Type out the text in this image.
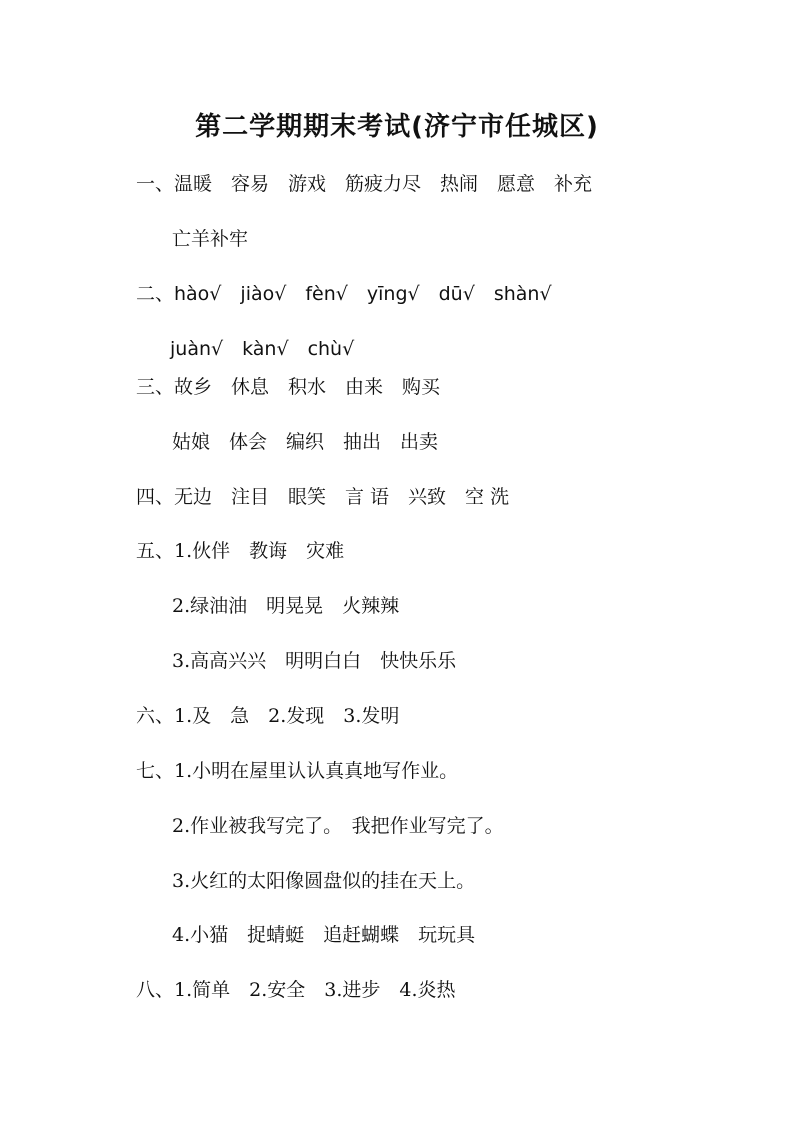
第二学期期末考试(济宁市任城区)
一、温暖　容易　游戏　筋疲力尽　热闹　愿意　补充
亡羊补牢
二、hào√　jiào√　fèn√　yīng√　dū√　shàn√
juàn√　kàn√　chù√
三、故乡　休息　积水　由来　购买
姑娘　体会　编织　抽出　出卖
四、无边　注目　眼笑　言 语　兴致　空 洗
五、1.伙伴　教诲　灾难
2.绿油油　明晃晃　火辣辣
3.高高兴兴　明明白白　快快乐乐
六、1.及　急　2.发现　3.发明
七、1.小明在屋里认认真真地写作业。
2.作业被我写完了。　我把作业写完了。
3.火红的太阳像圆盘似的挂在天上。
4.小猫　捉蜻蜓　追赶蝴蝶　玩玩具
八、1.简单　2.安全　3.进步　4.炎热
